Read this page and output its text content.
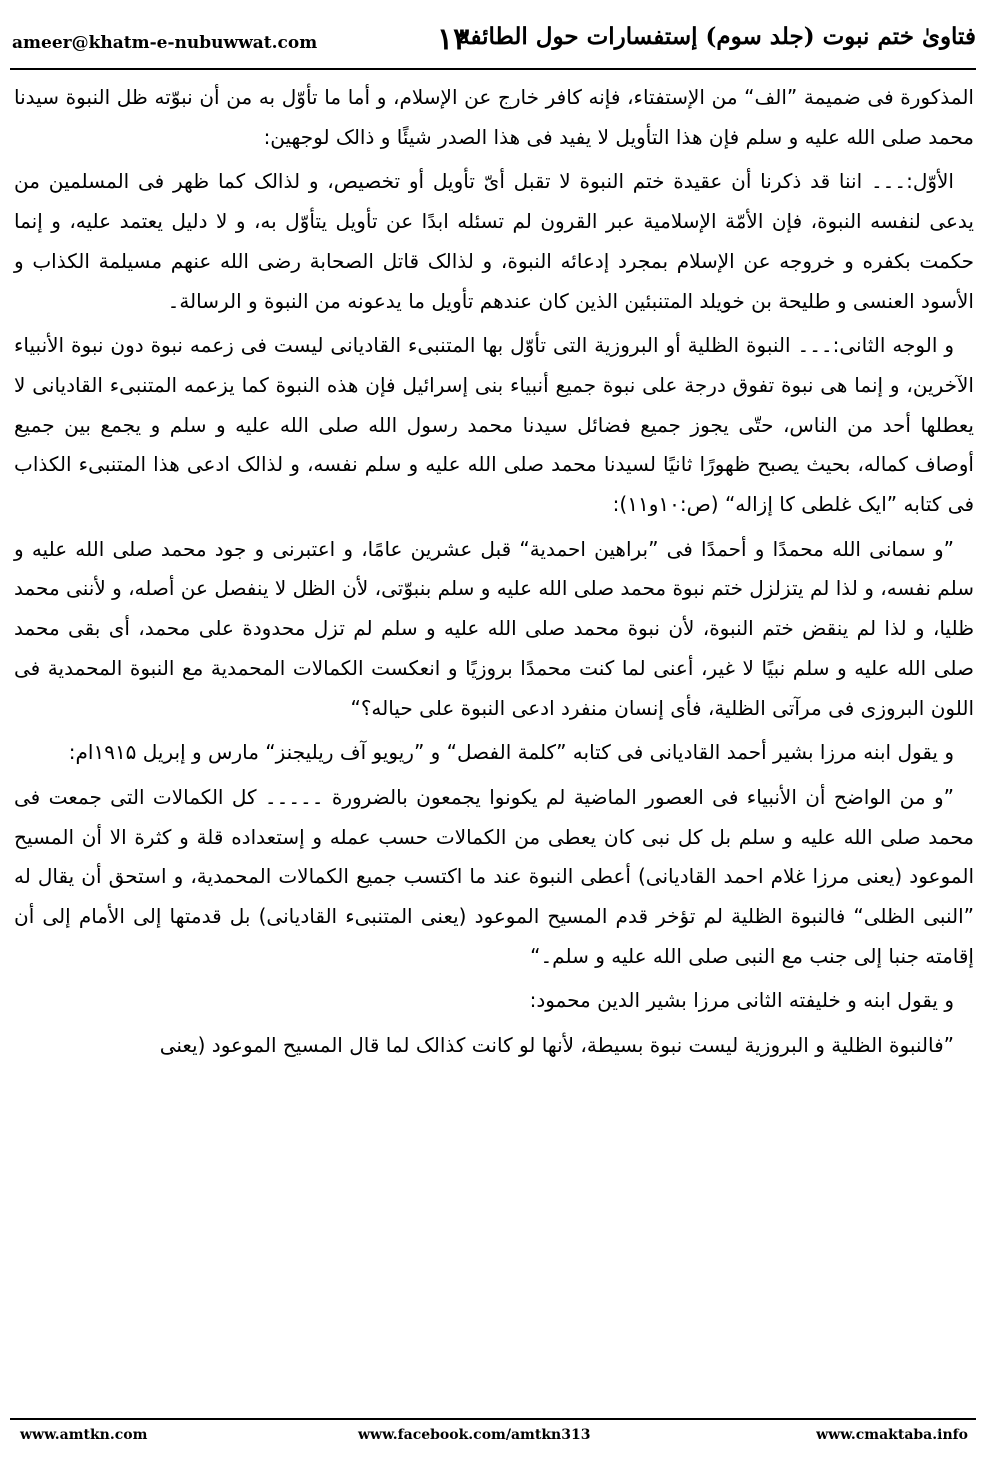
ameer@khatm-e-nubuwwat.com	۱۳
فتاویٰ ختم نبوت (جلد سوم) إستفسارات حول الطائفة

المذکورة فی ضمیمة ”الف“ من الإستفتاء، فإنه کافر خارج عن الإسلام، و أما ما تأوّل به من أن نبوّته ظل النبوة سیدنا محمد صلی الله علیه و سلم فإن هذا التأویل لا یفید فی هذا الصدر شیئًا و ذالک لوجهین:

الأوّل:۔۔۔ اننا قد ذکرنا أن عقیدة ختم النبوة لا تقبل أیّ تأویل أو تخصیص، و لذالک کما ظهر فی المسلمین من یدعی لنفسه النبوة، فإن الأمّة الإسلامیة عبر القرون لم تسئله ابدًا عن تأویل یتأوّل به، و لا دلیل یعتمد علیه، و إنما حکمت بکفره و خروجه عن الإسلام بمجرد إدعائه النبوة، و لذالک قاتل الصحابة رضی الله عنهم مسیلمة الکذاب و الأسود العنسی و طلیحة بن خویلد المتنبئین الذین کان عندهم تأویل ما یدعونه من النبوة و الرسالة۔

و الوجه الثانی:۔۔۔ النبوة الظلیة أو البروزیة التی تأوّل بها المتنبیء القادیانی لیست فی زعمه نبوة دون نبوة الأنبیاء الآخرین، و إنما هی نبوة تفوق درجة علی نبوة جمیع أنبیاء بنی إسرائیل فإن هذه النبوة کما یزعمه المتنبیء القادیانی لا یعطلها أحد من الناس، حتّی یجوز جمیع فضائل سیدنا محمد رسول الله صلی الله علیه و سلم و یجمع بین جمیع أوصاف کماله، بحیث یصبح ظهورًا ثانیًا لسیدنا محمد صلی الله علیه و سلم نفسه، و لذالک ادعی هذا المتنبیء الکذاب فی کتابه ”ایک غلطی کا إزاله“ (ص:۱۰و۱۱):

”و سمانی الله محمدًا و أحمدًا فی ”براهین احمدیة“ قبل عشرین عامًا، و اعتبرنی و جود محمد صلی الله علیه و سلم نفسه، و لذا لم یتزلزل ختم نبوة محمد صلی الله علیه و سلم بنبوّتی، لأن الظل لا ینفصل عن أصله، و لأننی محمد ظلیا، و لذا لم ینقض ختم النبوة، لأن نبوة محمد صلی الله علیه و سلم لم تزل محدودة علی محمد، أی بقی محمد صلی الله علیه و سلم نبیًا لا غیر، أعنی لما کنت محمدًا بروزیًا و انعکست الکمالات المحمدیة مع النبوة المحمدیة فی اللون البروزی فی مرآتی الظلیة، فأی إنسان منفرد ادعی النبوة علی حیاله؟“

و یقول ابنه مرزا بشیر أحمد القادیانی فی کتابه ”کلمة الفصل“ و ”ریویو آف ریلیجنز“ مارس و إبریل ۱۹۱۵ام:

”و من الواضح أن الأنبیاء فی العصور الماضیة لم یکونوا یجمعون بالضرورة ۔۔۔۔۔ کل الکمالات التی جمعت فی محمد صلی الله علیه و سلم بل کل نبی کان یعطی من الکمالات حسب عمله و إستعداده قلة و کثرة الا أن المسیح الموعود (یعنی مرزا غلام احمد القادیانی) أعطی النبوة عند ما اکتسب جمیع الکمالات المحمدیة، و استحق أن یقال له ”النبی الظلی“ فالنبوة الظلیة لم تؤخر قدم المسیح الموعود (یعنی المتنبیء القادیانی) بل قدمتها إلی الأمام إلی أن إقامته جنبا إلی جنب مع النبی صلی الله علیه و سلم۔“

و یقول ابنه و خلیفته الثانی مرزا بشیر الدین محمود:

”فالنبوة الظلیة و البروزیة لیست نبوة بسیطة، لأنها لو کانت کذالک لما قال المسیح الموعود (یعنی

www.amtkn.com	www.facebook.com/amtkn313	www.cmaktaba.info
